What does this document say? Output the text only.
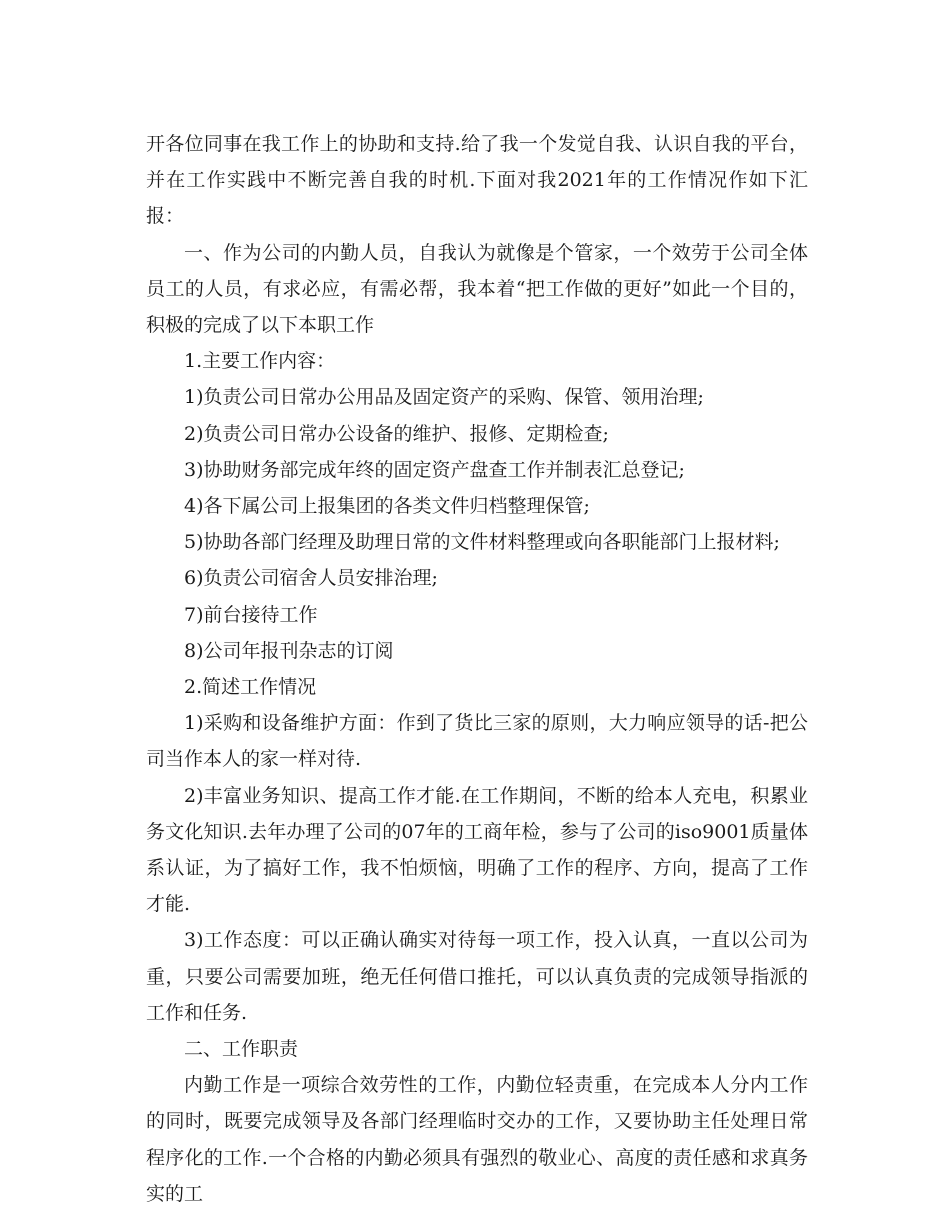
开各位同事在我工作上的协助和支持.给了我一个发觉自我、认识自我的平台，并在工作实践中不断完善自我的时机.下面对我2021年的工作情况作如下汇报：

一、作为公司的内勤人员，自我认为就像是个管家，一个效劳于公司全体员工的人员，有求必应，有需必帮，我本着“把工作做的更好”如此一个目的，积极的完成了以下本职工作

1.主要工作内容：

1)负责公司日常办公用品及固定资产的采购、保管、领用治理;

2)负责公司日常办公设备的维护、报修、定期检查;

3)协助财务部完成年终的固定资产盘查工作并制表汇总登记;

4)各下属公司上报集团的各类文件归档整理保管;

5)协助各部门经理及助理日常的文件材料整理或向各职能部门上报材料;

6)负责公司宿舍人员安排治理;

7)前台接待工作

8)公司年报刊杂志的订阅

2.简述工作情况

1)采购和设备维护方面：作到了货比三家的原则，大力响应领导的话-把公司当作本人的家一样对待.

2)丰富业务知识、提高工作才能.在工作期间，不断的给本人充电，积累业务文化知识.去年办理了公司的07年的工商年检，参与了公司的iso9001质量体系认证，为了搞好工作，我不怕烦恼，明确了工作的程序、方向，提高了工作才能.

3)工作态度：可以正确认确实对待每一项工作，投入认真，一直以公司为重，只要公司需要加班，绝无任何借口推托，可以认真负责的完成领导指派的工作和任务.

二、工作职责

内勤工作是一项综合效劳性的工作，内勤位轻责重，在完成本人分内工作的同时，既要完成领导及各部门经理临时交办的工作，又要协助主任处理日常程序化的工作.一个合格的内勤必须具有强烈的敬业心、高度的责任感和求真务实的工
